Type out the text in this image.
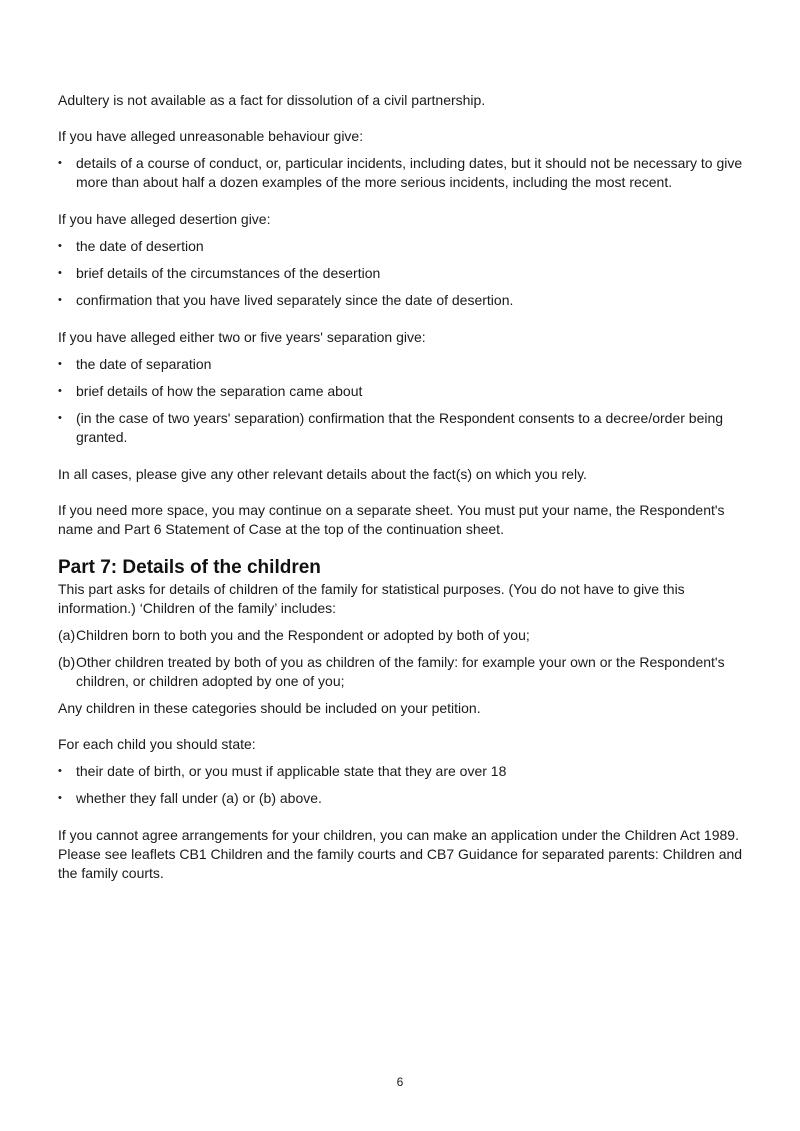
Adultery is not available as a fact for dissolution of a civil partnership.

If you have alleged unreasonable behaviour give:

• details of a course of conduct, or, particular incidents, including dates, but it should not be necessary to give more than about half a dozen examples of the more serious incidents, including the most recent.

If you have alleged desertion give:

• the date of desertion
• brief details of the circumstances of the desertion
• confirmation that you have lived separately since the date of desertion.

If you have alleged either two or five years' separation give:

• the date of separation
• brief details of how the separation came about
• (in the case of two years' separation) confirmation that the Respondent consents to a decree/order being granted.

In all cases, please give any other relevant details about the fact(s) on which you rely.

If you need more space, you may continue on a separate sheet. You must put your name, the Respondent's name and Part 6 Statement of Case at the top of the continuation sheet.

Part 7: Details of the children

This part asks for details of children of the family for statistical purposes. (You do not have to give this information.) ‘Children of the family’ includes:

(a) Children born to both you and the Respondent or adopted by both of you;
(b) Other children treated by both of you as children of the family: for example your own or the Respondent's children, or children adopted by one of you;

Any children in these categories should be included on your petition.

For each child you should state:

• their date of birth, or you must if applicable state that they are over 18
• whether they fall under (a) or (b) above.

If you cannot agree arrangements for your children, you can make an application under the Children Act 1989. Please see leaflets CB1 Children and the family courts and CB7 Guidance for separated parents: Children and the family courts.

6
